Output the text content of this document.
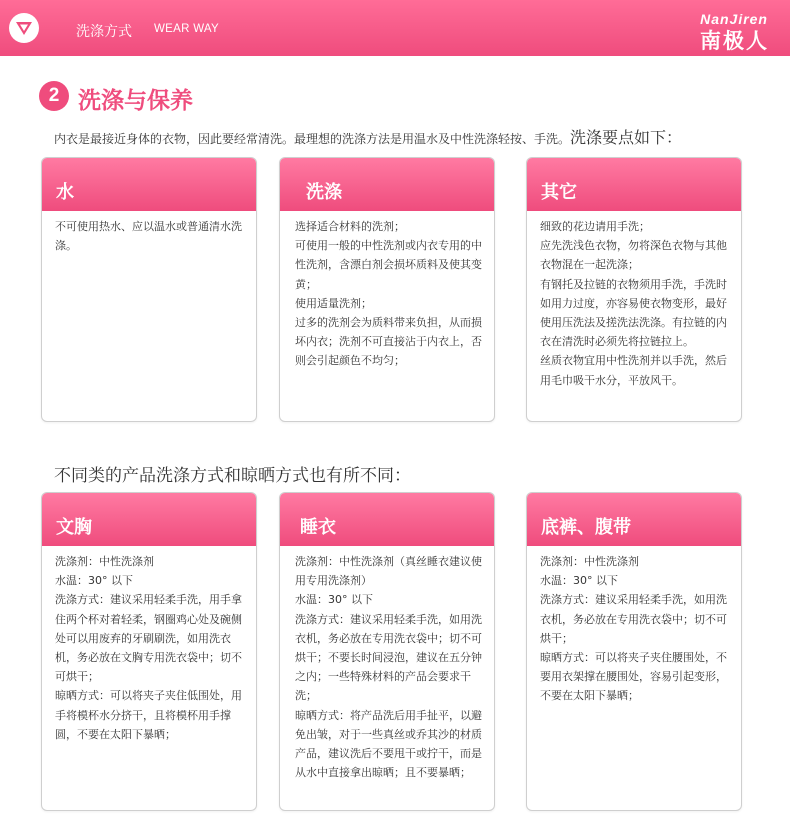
洗涤方式 WEAR WAY
NanJiren
南极人
2 洗涤与保养
内衣是最接近身体的衣物，因此要经常清洗。最理想的洗涤方法是用温水及中性洗涤轻按、手洗。洗涤要点如下：
水

不可使用热水、应以温水或普通清水洗涤。

洗涤

选择适合材料的洗剂；

可使用一般的中性洗剂或内衣专用的中性洗剂，含漂白剂会损坏质料及使其变黄；

使用适量洗剂；

过多的洗剂会为质料带来负担，从而损坏内衣；洗剂不可直接沾于内衣上，否则会引起颜色不均匀；

其它

细致的花边请用手洗；

应先洗浅色衣物，勿将深色衣物与其他衣物混在一起洗涤；

有钢托及拉链的衣物须用手洗，手洗时如用力过度，亦容易使衣物变形，最好使用压洗法及搓洗法洗涤。有拉链的内衣在清洗时必须先将拉链拉上。

丝质衣物宜用中性洗剂并以手洗，然后用毛巾吸干水分，平放风干。

不同类的产品洗涤方式和晾晒方式也有所不同：
文胸

洗涤剂：中性洗涤剂

水温：30° 以下

洗涤方式：建议采用轻柔手洗，用手拿住两个杯对着轻柔，钢圈鸡心处及碗侧处可以用废弃的牙刷刷洗，如用洗衣机，务必放在文胸专用洗衣袋中；切不可烘干；

晾晒方式：可以将夹子夹住低围处，用手将模杯水分挤干，且将模杯用手撑圆，不要在太阳下暴晒；

睡衣

洗涤剂：中性洗涤剂（真丝睡衣建议使用专用洗涤剂）

水温：30° 以下

洗涤方式：建议采用轻柔手洗，如用洗衣机，务必放在专用洗衣袋中；切不可烘干；不要长时间浸泡，建议在五分钟之内；一些特殊材料的产品会要求干洗；

晾晒方式：将产品洗后用手扯平，以避免出皱，对于一些真丝或乔其沙的材质产品，建议洗后不要甩干或拧干，而是从水中直接拿出晾晒；且不要暴晒；

底裤、腹带

洗涤剂：中性洗涤剂

水温：30° 以下

洗涤方式：建议采用轻柔手洗，如用洗衣机，务必放在专用洗衣袋中；切不可烘干；

晾晒方式：可以将夹子夹住腰围处，不要用衣架撑在腰围处，容易引起变形，不要在太阳下暴晒；
